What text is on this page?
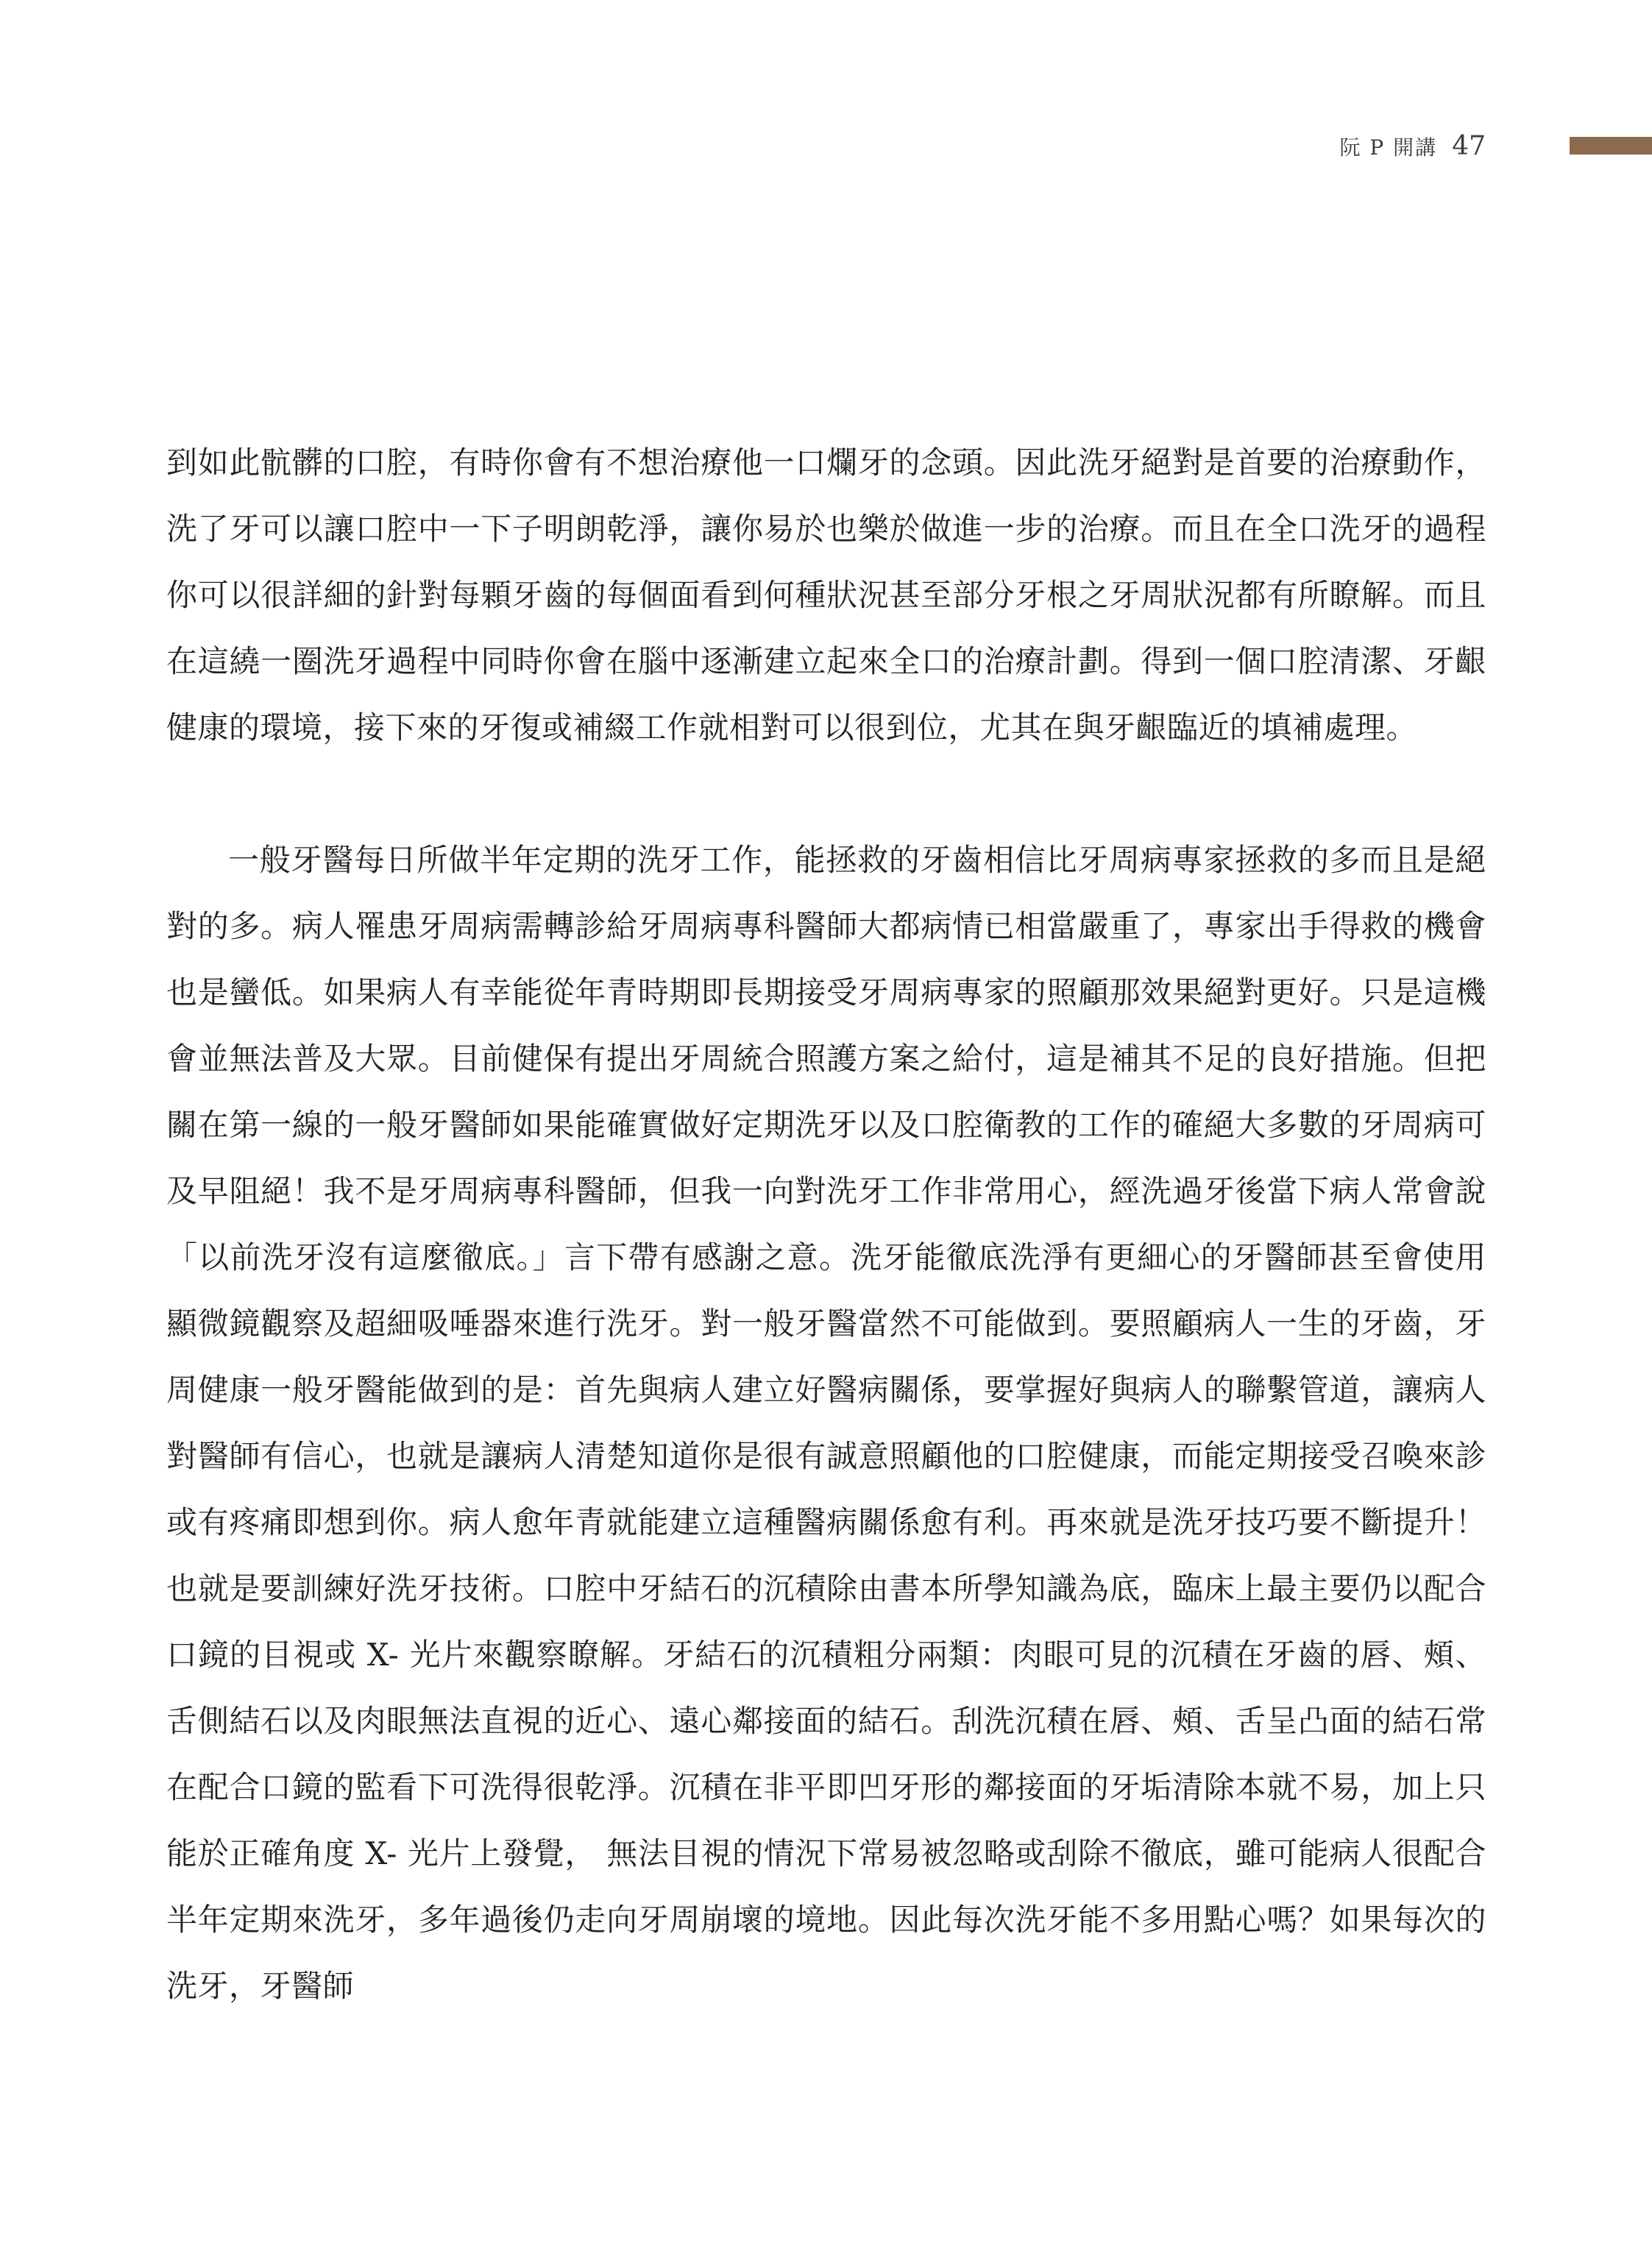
阮 P 開講 47

到如此骯髒的口腔，有時你會有不想治療他一口爛牙的念頭。因此洗牙絕對是首要的治療動作，洗了牙可以讓口腔中一下子明朗乾淨，讓你易於也樂於做進一步的治療。而且在全口洗牙的過程你可以很詳細的針對每顆牙齒的每個面看到何種狀況甚至部分牙根之牙周狀況都有所瞭解。而且在這繞一圈洗牙過程中同時你會在腦中逐漸建立起來全口的治療計劃。得到一個口腔清潔、牙齦健康的環境，接下來的牙復或補綴工作就相對可以很到位，尤其在與牙齦臨近的填補處理。

一般牙醫每日所做半年定期的洗牙工作，能拯救的牙齒相信比牙周病專家拯救的多而且是絕對的多。病人罹患牙周病需轉診給牙周病專科醫師大都病情已相當嚴重了，專家出手得救的機會也是蠻低。如果病人有幸能從年青時期即長期接受牙周病專家的照顧那效果絕對更好。只是這機會並無法普及大眾。目前健保有提出牙周統合照護方案之給付，這是補其不足的良好措施。但把關在第一線的一般牙醫師如果能確實做好定期洗牙以及口腔衛教的工作的確絕大多數的牙周病可及早阻絕！我不是牙周病專科醫師，但我一向對洗牙工作非常用心，經洗過牙後當下病人常會說「以前洗牙沒有這麼徹底。」言下帶有感謝之意。洗牙能徹底洗淨有更細心的牙醫師甚至會使用顯微鏡觀察及超細吸唾器來進行洗牙。對一般牙醫當然不可能做到。要照顧病人一生的牙齒，牙周健康一般牙醫能做到的是：首先與病人建立好醫病關係，要掌握好與病人的聯繫管道，讓病人對醫師有信心，也就是讓病人清楚知道你是很有誠意照顧他的口腔健康，而能定期接受召喚來診或有疼痛即想到你。病人愈年青就能建立這種醫病關係愈有利。再來就是洗牙技巧要不斷提升！也就是要訓練好洗牙技術。口腔中牙結石的沉積除由書本所學知識為底，臨床上最主要仍以配合口鏡的目視或 X- 光片來觀察瞭解。牙結石的沉積粗分兩類：肉眼可見的沉積在牙齒的唇、頰、舌側結石以及肉眼無法直視的近心、遠心鄰接面的結石。刮洗沉積在唇、頰、舌呈凸面的結石常在配合口鏡的監看下可洗得很乾淨。沉積在非平即凹牙形的鄰接面的牙垢清除本就不易，加上只能於正確角度 X- 光片上發覺， 無法目視的情況下常易被忽略或刮除不徹底，雖可能病人很配合半年定期來洗牙，多年過後仍走向牙周崩壞的境地。因此每次洗牙能不多用點心嗎？如果每次的洗牙，牙醫師
